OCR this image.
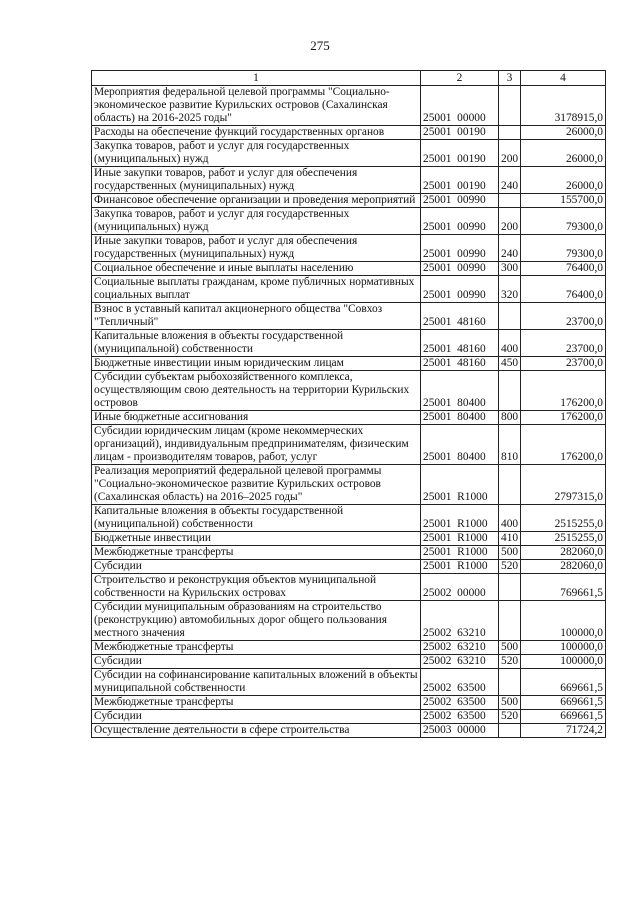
275
1	2	3	4
Мероприятия федеральной целевой программы "Социально-экономическое развитие Курильских островов (Сахалинская область) на 2016-2025 годы"	25001  00000		3178915,0
Расходы на обеспечение функций государственных органов	25001  00190		26000,0
Закупка товаров, работ и услуг для государственных (муниципальных) нужд	25001  00190	200	26000,0
Иные закупки товаров, работ и услуг для обеспечения государственных (муниципальных) нужд	25001  00190	240	26000,0
Финансовое обеспечение организации и проведения мероприятий	25001  00990		155700,0
Закупка товаров, работ и услуг для государственных (муниципальных) нужд	25001  00990	200	79300,0
Иные закупки товаров, работ и услуг для обеспечения государственных (муниципальных) нужд	25001  00990	240	79300,0
Социальное обеспечение и иные выплаты населению	25001  00990	300	76400,0
Социальные выплаты гражданам, кроме публичных нормативных социальных выплат	25001  00990	320	76400,0
Взнос в уставный капитал акционерного общества "Совхоз "Тепличный"	25001  48160		23700,0
Капитальные вложения в объекты государственной (муниципальной) собственности	25001  48160	400	23700,0
Бюджетные инвестиции иным юридическим лицам	25001  48160	450	23700,0
Субсидии субъектам рыбохозяйственного комплекса, осуществляющим свою деятельность на территории Курильских островов	25001  80400		176200,0
Иные бюджетные ассигнования	25001  80400	800	176200,0
Субсидии юридическим лицам (кроме некоммерческих организаций), индивидуальным предпринимателям, физическим лицам - производителям товаров, работ, услуг	25001  80400	810	176200,0
Реализация мероприятий федеральной целевой программы "Социально-экономическое развитие Курильских островов (Сахалинская область) на 2016–2025 годы"	25001  R1000		2797315,0
Капитальные вложения в объекты государственной (муниципальной) собственности	25001  R1000	400	2515255,0
Бюджетные инвестиции	25001  R1000	410	2515255,0
Межбюджетные трансферты	25001  R1000	500	282060,0
Субсидии	25001  R1000	520	282060,0
Строительство и реконструкция объектов муниципальной собственности на Курильских островах	25002  00000		769661,5
Субсидии муниципальным образованиям на строительство (реконструкцию) автомобильных дорог общего пользования местного значения	25002  63210		100000,0
Межбюджетные трансферты	25002  63210	500	100000,0
Субсидии	25002  63210	520	100000,0
Субсидии на софинансирование капитальных вложений в объекты муниципальной собственности	25002  63500		669661,5
Межбюджетные трансферты	25002  63500	500	669661,5
Субсидии	25002  63500	520	669661,5
Осуществление деятельности в сфере строительства	25003  00000		71724,2
